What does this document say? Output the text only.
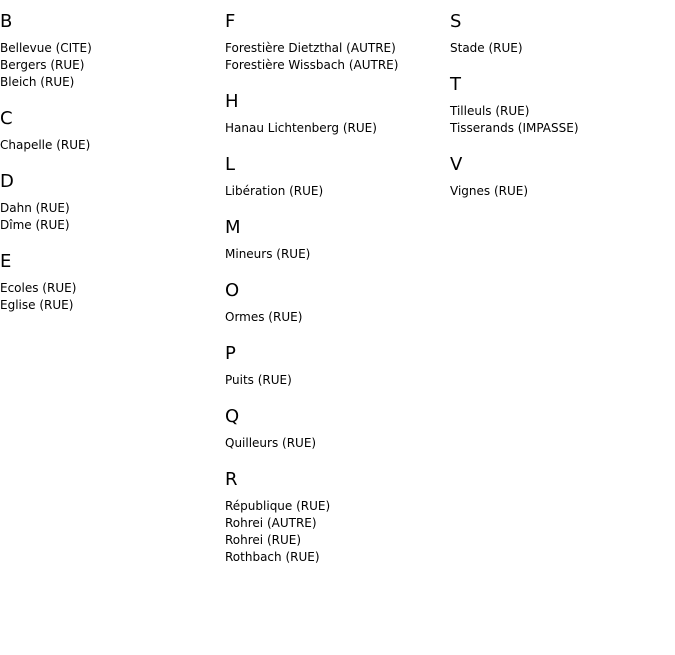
B
Bellevue (CITE)
Bergers (RUE)
Bleich (RUE)
C
Chapelle (RUE)
D
Dahn (RUE)
Dîme (RUE)
E
Ecoles (RUE)
Eglise (RUE)
F
Forestière Dietzthal (AUTRE)
Forestière Wissbach (AUTRE)
H
Hanau Lichtenberg (RUE)
L
Libération (RUE)
M
Mineurs (RUE)
O
Ormes (RUE)
P
Puits (RUE)
Q
Quilleurs (RUE)
R
République (RUE)
Rohrei (AUTRE)
Rohrei (RUE)
Rothbach (RUE)
S
Stade (RUE)
T
Tilleuls (RUE)
Tisserands (IMPASSE)
V
Vignes (RUE)
